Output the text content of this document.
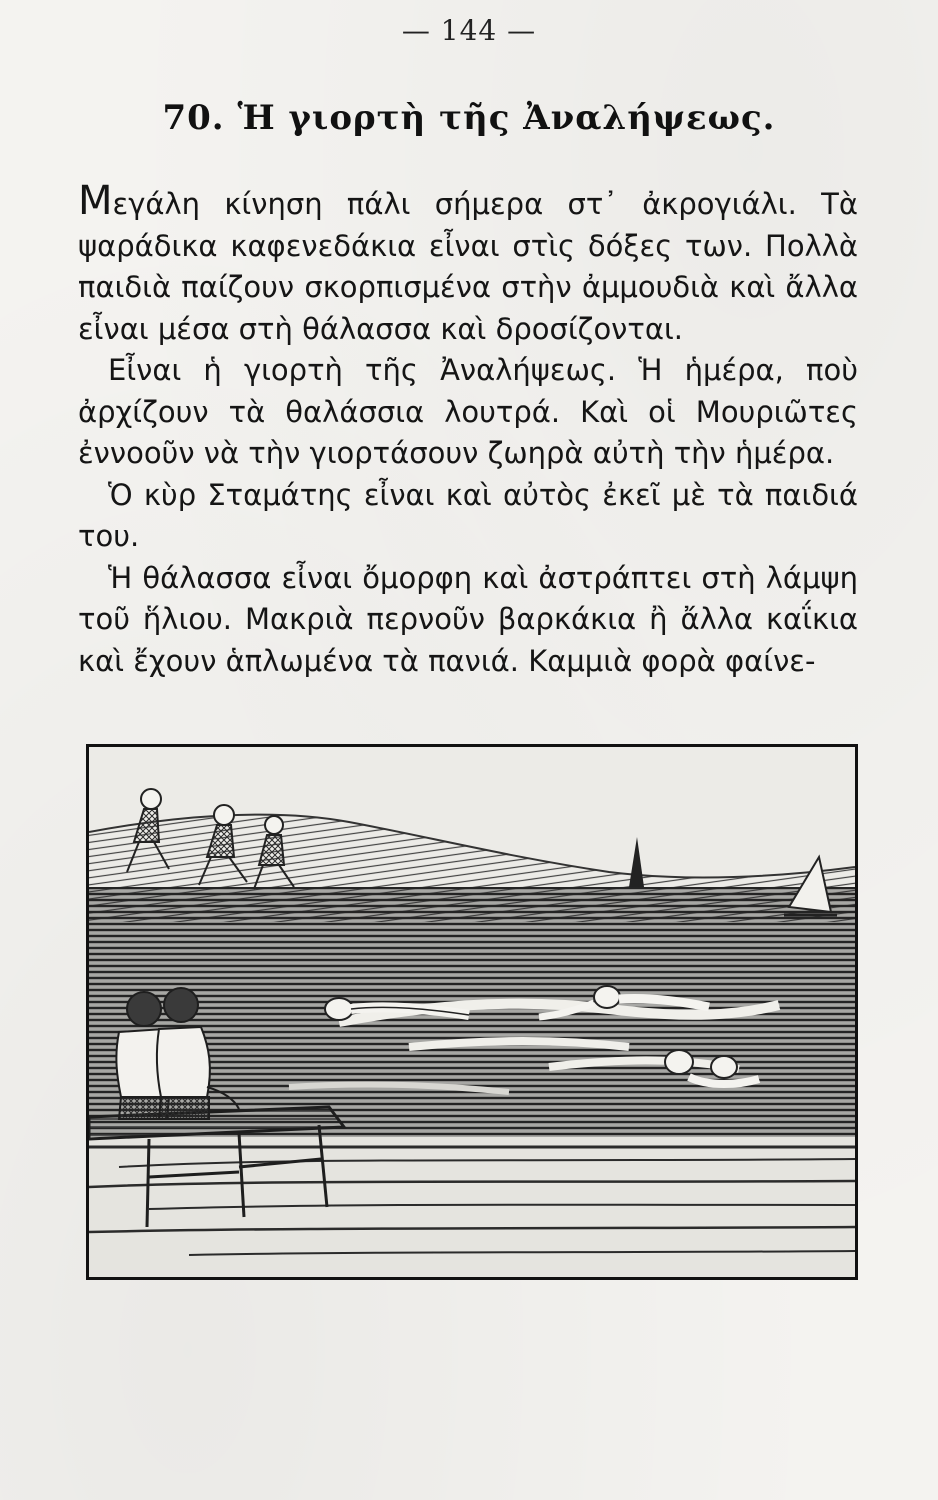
— 144 —
70. Ἡ γιορτὴ τῆς Ἀναλήψεως.

Μεγάλη κίνηση πάλι σήμερα στ᾽ ἀκρογιάλι. Τὰ ψαράδικα καφενεδάκια εἶναι στὶς δόξες των. Πολλὰ παιδιὰ παίζουν σκορπισμένα στὴν ἀμμουδιὰ καὶ ἄλλα εἶναι μέσα στὴ θάλασσα καὶ δροσίζονται.

Εἶναι ἡ γιορτὴ τῆς Ἀναλήψεως. Ἡ ἡμέρα, ποὺ ἀρχίζουν τὰ θαλάσσια λουτρά. Καὶ οἱ Μουριῶτες ἐννοοῦν νὰ τὴν γιορτάσουν ζωηρὰ αὐτὴ τὴν ἡμέρα.

Ὁ κὺρ Σταμάτης εἶναι καὶ αὐτὸς ἐκεῖ μὲ τὰ παιδιά του.

Ἡ θάλασσα εἶναι ὄμορφη καὶ ἀστράπτει στὴ λάμψη τοῦ ἥλιου. Μακριὰ περνοῦν βαρκάκια ἢ ἄλλα καΐκια καὶ ἔχουν ἁπλωμένα τὰ πανιά. Καμμιὰ φορὰ φαίνε-
